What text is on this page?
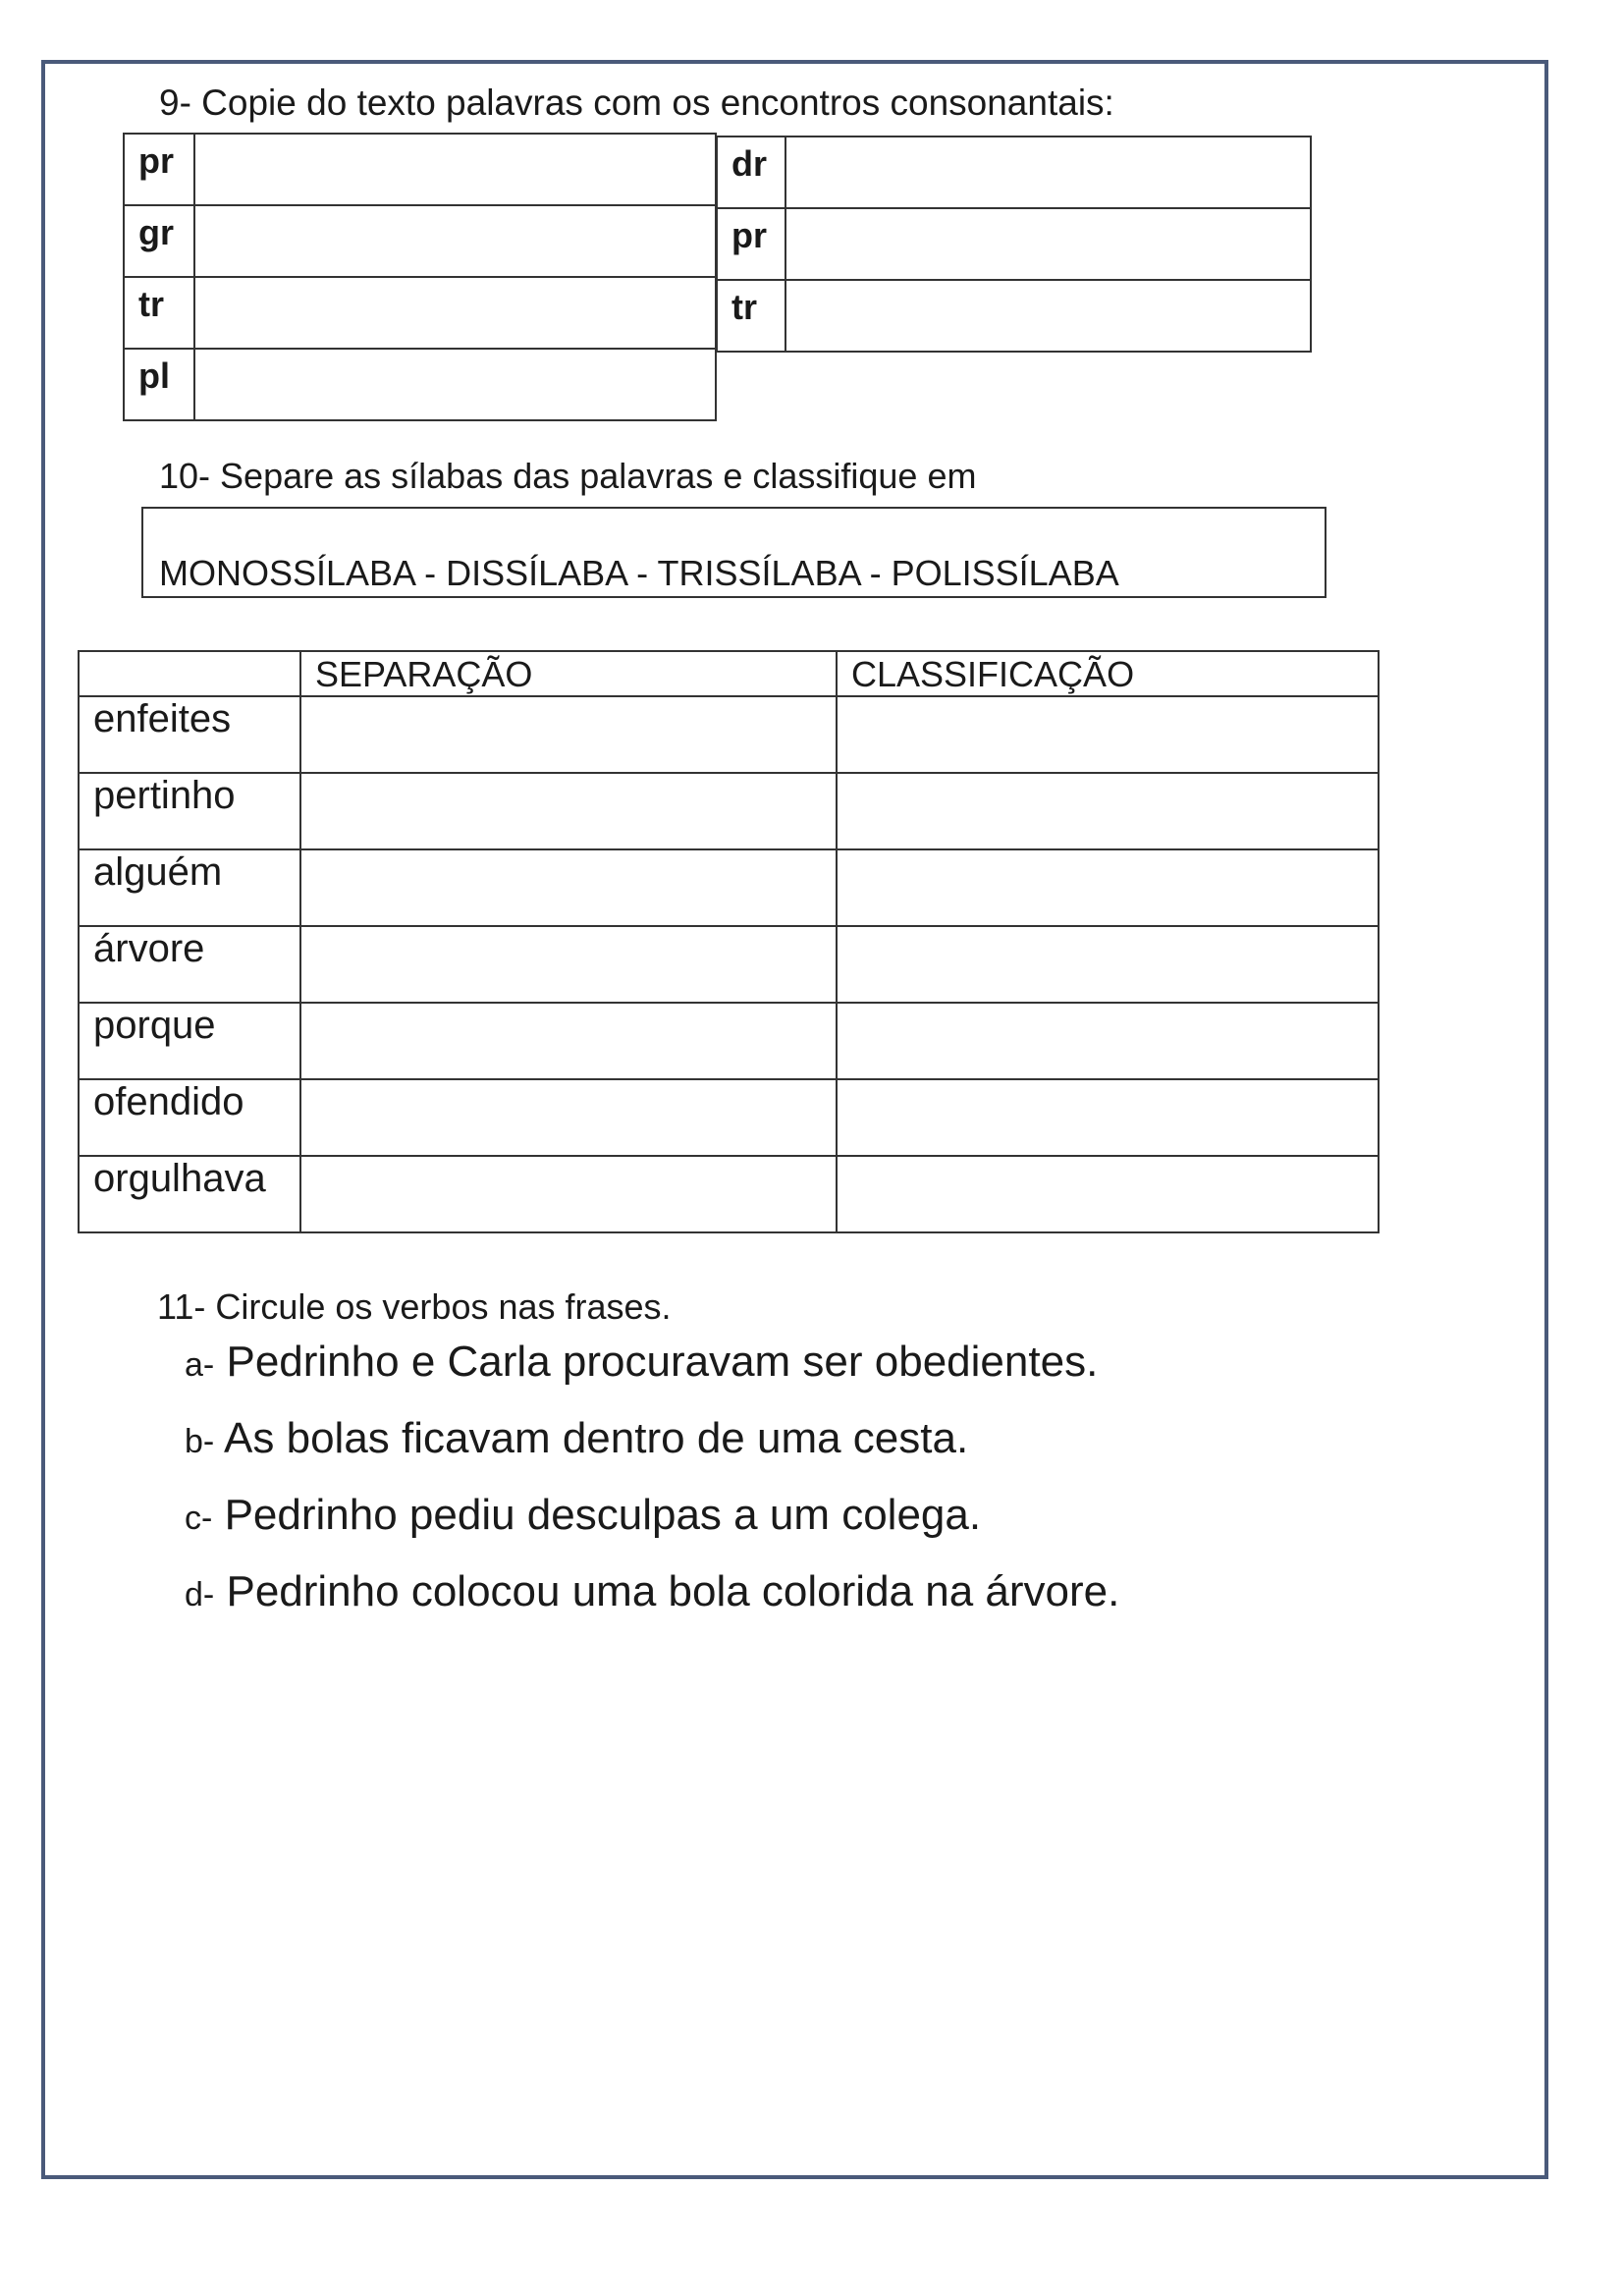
9- Copie do texto palavras com os encontros consonantais:
pr	
gr	
tr	
pl	
dr	
pr	
tr	
10- Separe as sílabas das palavras e classifique em
MONOSSÍLABA - DISSÍLABA - TRISSÍLABA - POLISSÍLABA
	SEPARAÇÃO	CLASSIFICAÇÃO
enfeites		
pertinho		
alguém		
árvore		
porque		
ofendido		
orgulhava		
11- Circule os verbos nas frases.
a- Pedrinho e Carla procuravam ser obedientes.
b- As bolas ficavam dentro de uma cesta.
c- Pedrinho pediu desculpas a um colega.
d- Pedrinho colocou uma bola colorida na árvore.
